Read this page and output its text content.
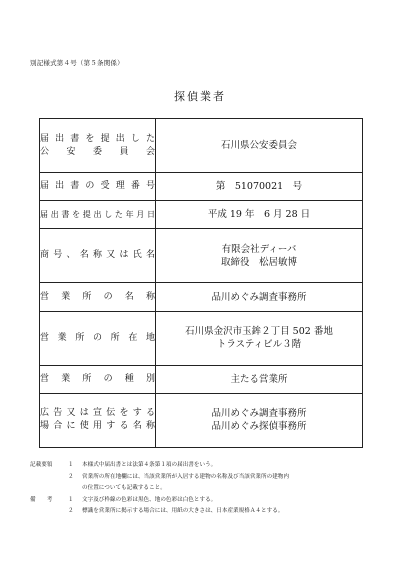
別記様式第４号（第５条関係）
探偵業者
届出書を提出した
公 安 委 員 会	石川県公安委員会

届出書の受理番号	第　51070021　号

届出書を提出した年月日	平成 19 年　6 月 28 日

商号、名称又は氏名	有限会社ディーバ
取締役　松居敏博

営 業 所 の 名 称	品川めぐみ調査事務所

営 業 所 の 所 在 地	石川県金沢市玉鉾２丁目 502 番地
トラスティビル３階

営 業 所 の 種 別	主たる営業所

広告又は宣伝をする
場合に使用する名称	品川めぐみ調査事務所
品川めぐみ探偵事務所
記載要領	１ 本様式中届出書とは法第４条第１項の届出書をいう。
２ 営業所の所在地欄には、当該営業所が入居する建物の名称及び当該営業所の建物内
の位置についても記載すること。
備　　考	１ 文字及び枠線の色彩は黒色、地の色彩は白色とする。
２ 標識を営業所に掲示する場合には、用紙の大きさは、日本産業規格Ａ４とする。
